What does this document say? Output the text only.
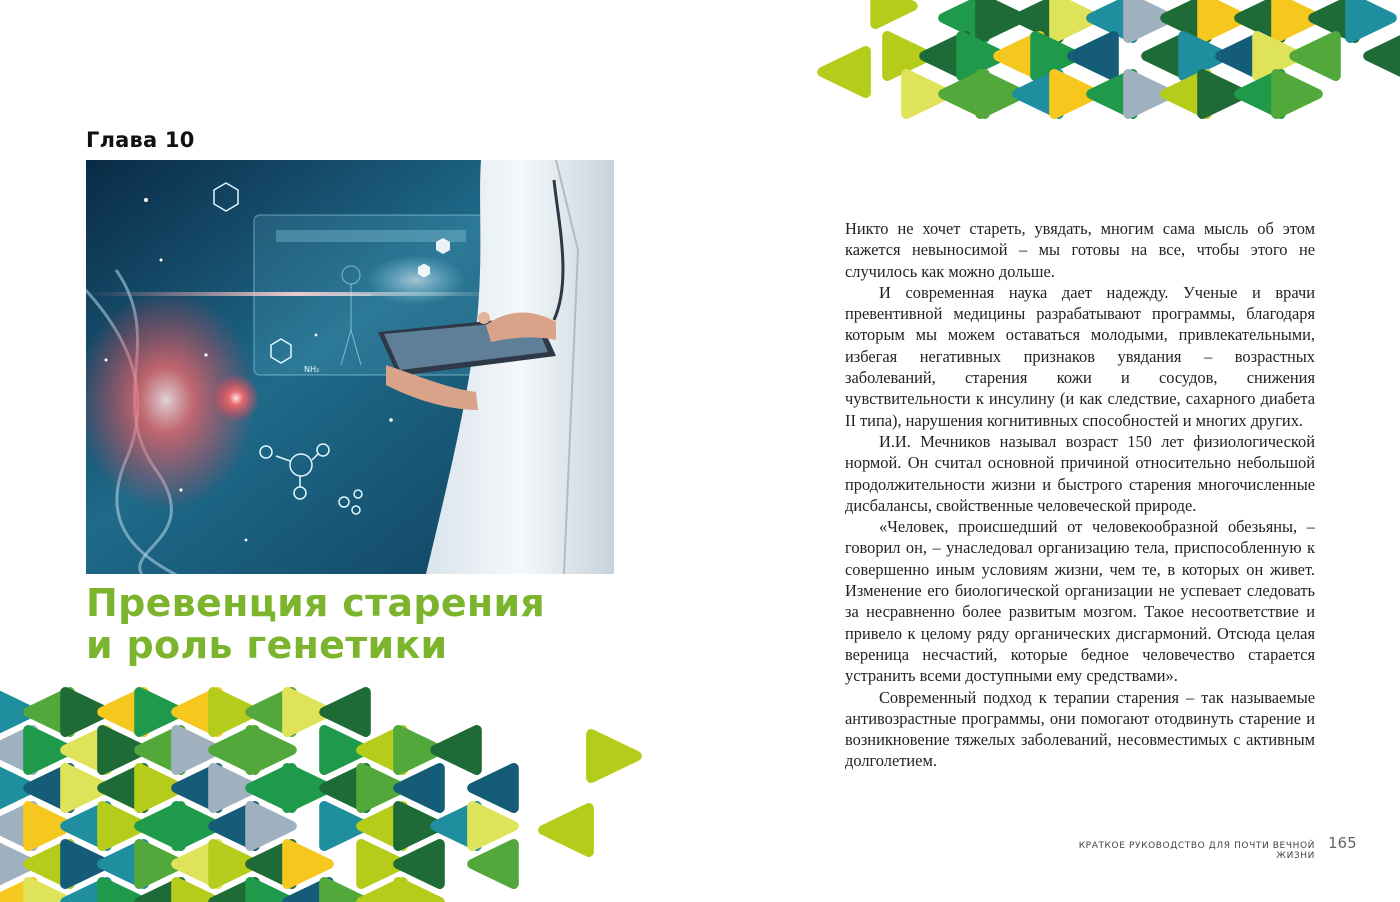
Глава 10
NH₂
Превенция старения
и роль генетики

Никто не хочет стареть, увядать, многим сама мысль об этом кажется невыносимой – мы готовы на все, чтобы этого не случилось как можно дольше.

И современная наука дает надежду. Ученые и врачи превентивной медицины разрабатывают программы, благодаря которым мы можем оставаться молодыми, привлекательными, избегая негативных признаков увядания – возрастных заболеваний, старения кожи и сосудов, снижения чувствительности к инсулину (и как следствие, сахарного диабета II типа), нарушения когнитивных способностей и многих других.

И.И. Мечников называл возраст 150 лет физиологической нормой. Он считал основной причиной относительно небольшой продолжительности жизни и быстрого старения многочисленные дисбалансы, свойственные человеческой природе.

«Человек, происшедший от человекообразной обезьяны, – говорил он, – унаследовал организацию тела, приспособленную к совершенно иным условиям жизни, чем те, в которых он живет. Изменение его биологической организации не успевает следовать за несравненно более развитым мозгом. Такое несоответствие и привело к целому ряду органических дисгармоний. Отсюда целая вереница несчастий, которые бедное человечество старается устранить всеми доступными ему средствами».

Современный подход к терапии старения – так называемые антивозрастные программы, они помогают отодвинуть старение и возникновение тяжелых заболеваний, несовместимых с активным долголетием.

КРАТКОЕ РУКОВОДСТВО ДЛЯ ПОЧТИ ВЕЧНОЙ ЖИЗНИ
165
